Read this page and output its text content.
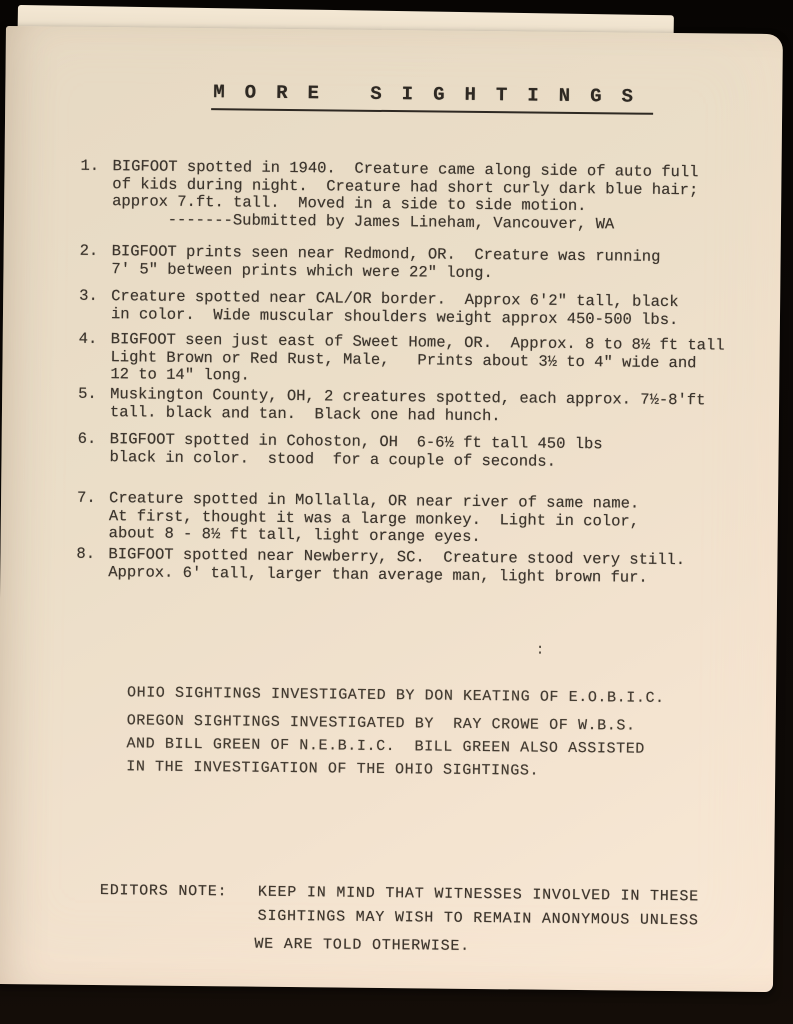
MORE SIGHTINGS
1. BIGFOOT spotted in 1940.  Creature came along side of auto full
of kids during night.  Creature had short curly dark blue hair;
approx 7.ft. tall.  Moved in a side to side motion.
-------Submitted by James Lineham, Vancouver, WA
2. BIGFOOT prints seen near Redmond, OR.  Creature was running
7' 5" between prints which were 22" long.
3. Creature spotted near CAL/OR border.  Approx 6'2" tall, black
in color.  Wide muscular shoulders weight approx 450-500 lbs.
4. BIGFOOT seen just east of Sweet Home, OR.  Approx. 8 to 8½ ft tall
Light Brown or Red Rust, Male,   Prints about 3½ to 4" wide and
12 to 14" long.
5. Muskington County, OH, 2 creatures spotted, each approx. 7½-8'ft
tall. black and tan.  Black one had hunch.
6. BIGFOOT spotted in Cohoston, OH  6-6½ ft tall 450 lbs
black in color.  stood  for a couple of seconds.
7. Creature spotted in Mollalla, OR near river of same name.
At first, thought it was a large monkey.  Light in color,
about 8 - 8½ ft tall, light orange eyes.
8. BIGFOOT spotted near Newberry, SC.  Creature stood very still.
Approx. 6' tall, larger than average man, light brown fur.
:
OHIO SIGHTINGS INVESTIGATED BY DON KEATING OF E.O.B.I.C.
OREGON SIGHTINGS INVESTIGATED BY  RAY CROWE OF W.B.S.
AND BILL GREEN OF N.E.B.I.C.  BILL GREEN ALSO ASSISTED
IN THE INVESTIGATION OF THE OHIO SIGHTINGS.
EDITORS NOTE: KEEP IN MIND THAT WITNESSES INVOLVED IN THESE
SIGHTINGS MAY WISH TO REMAIN ANONYMOUS UNLESS
WE ARE TOLD OTHERWISE.
